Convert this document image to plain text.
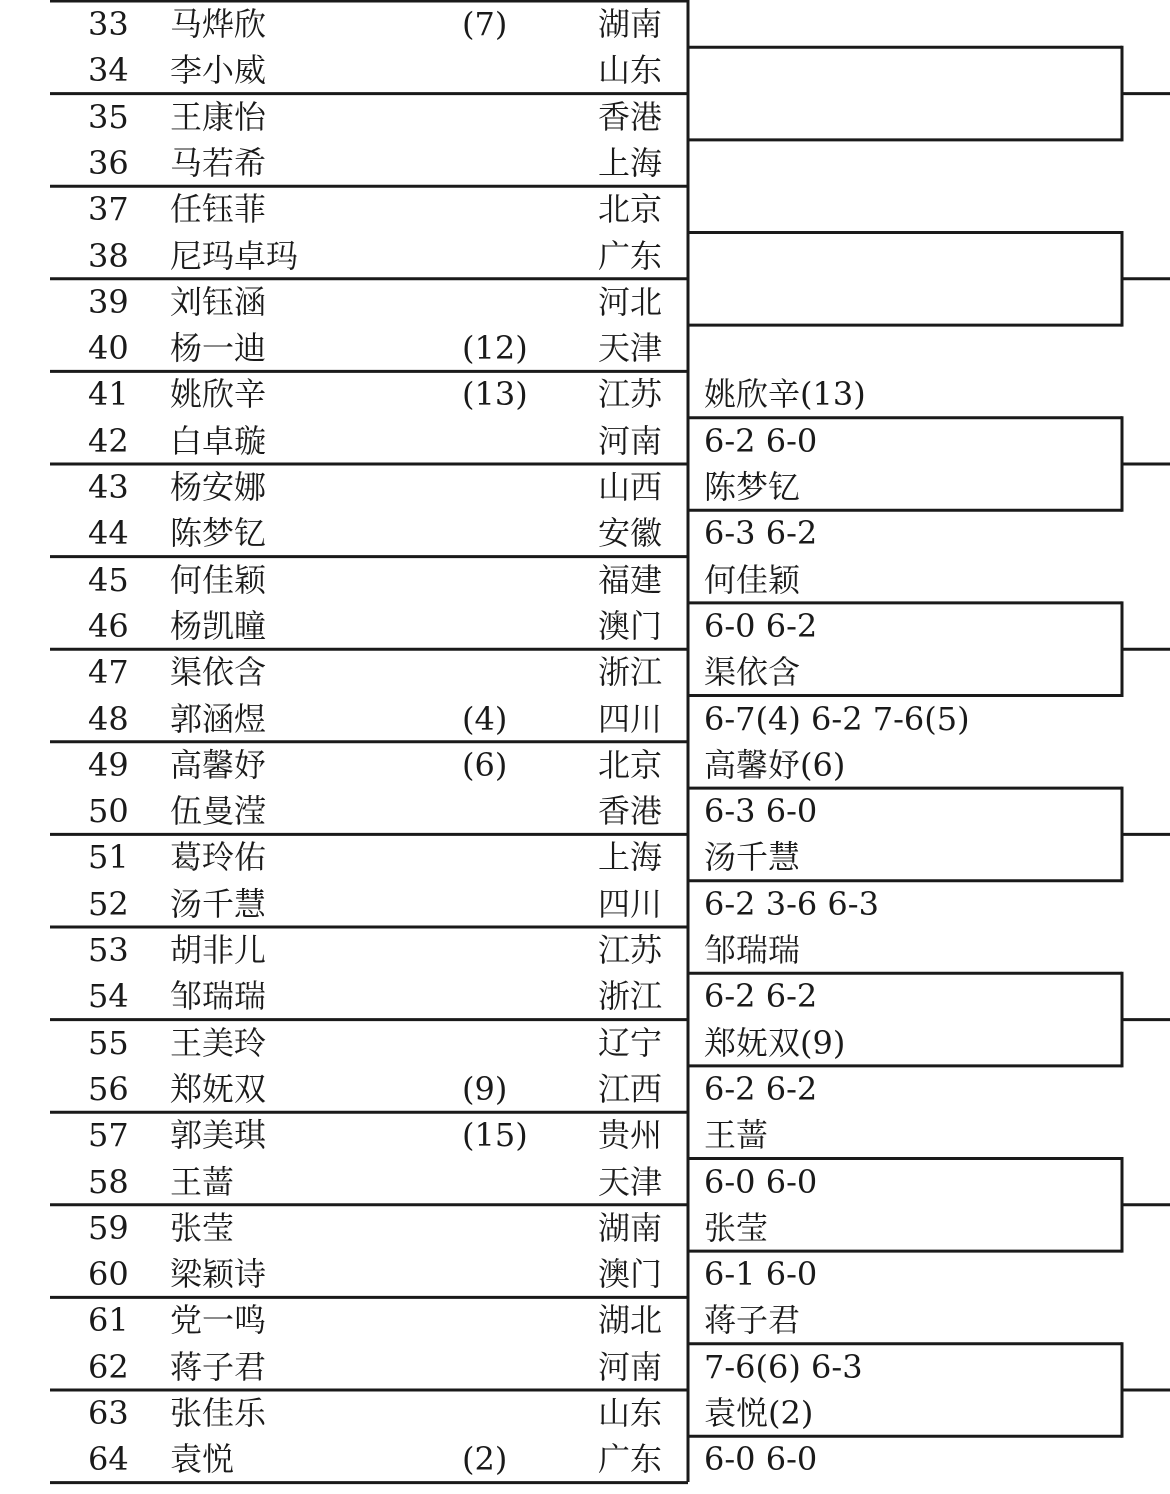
33	马烨欣	(7)	湖南
34	李小威	山东
35	王康怡	香港
36	马若希	上海
37	任钰菲	北京
38	尼玛卓玛	广东
39	刘钰涵	河北
40	杨一迪	(12) 天津
41	姚欣辛	(13) 江苏
42	白卓璇	河南
43	杨安娜	山西
44	陈梦钇	安徽
45	何佳颖	福建
46	杨凯瞳	澳门
47	渠依含	浙江
48	郭涵煜	(4)	四川
49	高馨妤	(6)	北京
50	伍曼滢	香港
51	葛玲佑	上海
52	汤千慧	四川
53	胡非儿	江苏
54	邹瑞瑞	浙江
55	王美玲	辽宁
56	郑妩双	(9)	江西
57	郭美琪	(15) 贵州
58	王蔷	天津
59	张莹	湖南
60	梁颖诗	澳门
61	党一鸣	湖北
62	蒋子君	河南
63	张佳乐	山东
64	袁悦	(2)	广东
姚欣辛(13)
6-2 6-0
陈梦钇
6-3 6-2
何佳颖
6-0 6-2
渠依含
6-7(4) 6-2 7-6(5)
高馨妤(6)
6-3 6-0
汤千慧
6-2 3-6 6-3
邹瑞瑞
6-2 6-2
郑妩双(9)
6-2 6-2
王蔷
6-0 6-0
张莹
6-1 6-0
蒋子君
7-6(6) 6-3
袁悦(2)
6-0 6-0
